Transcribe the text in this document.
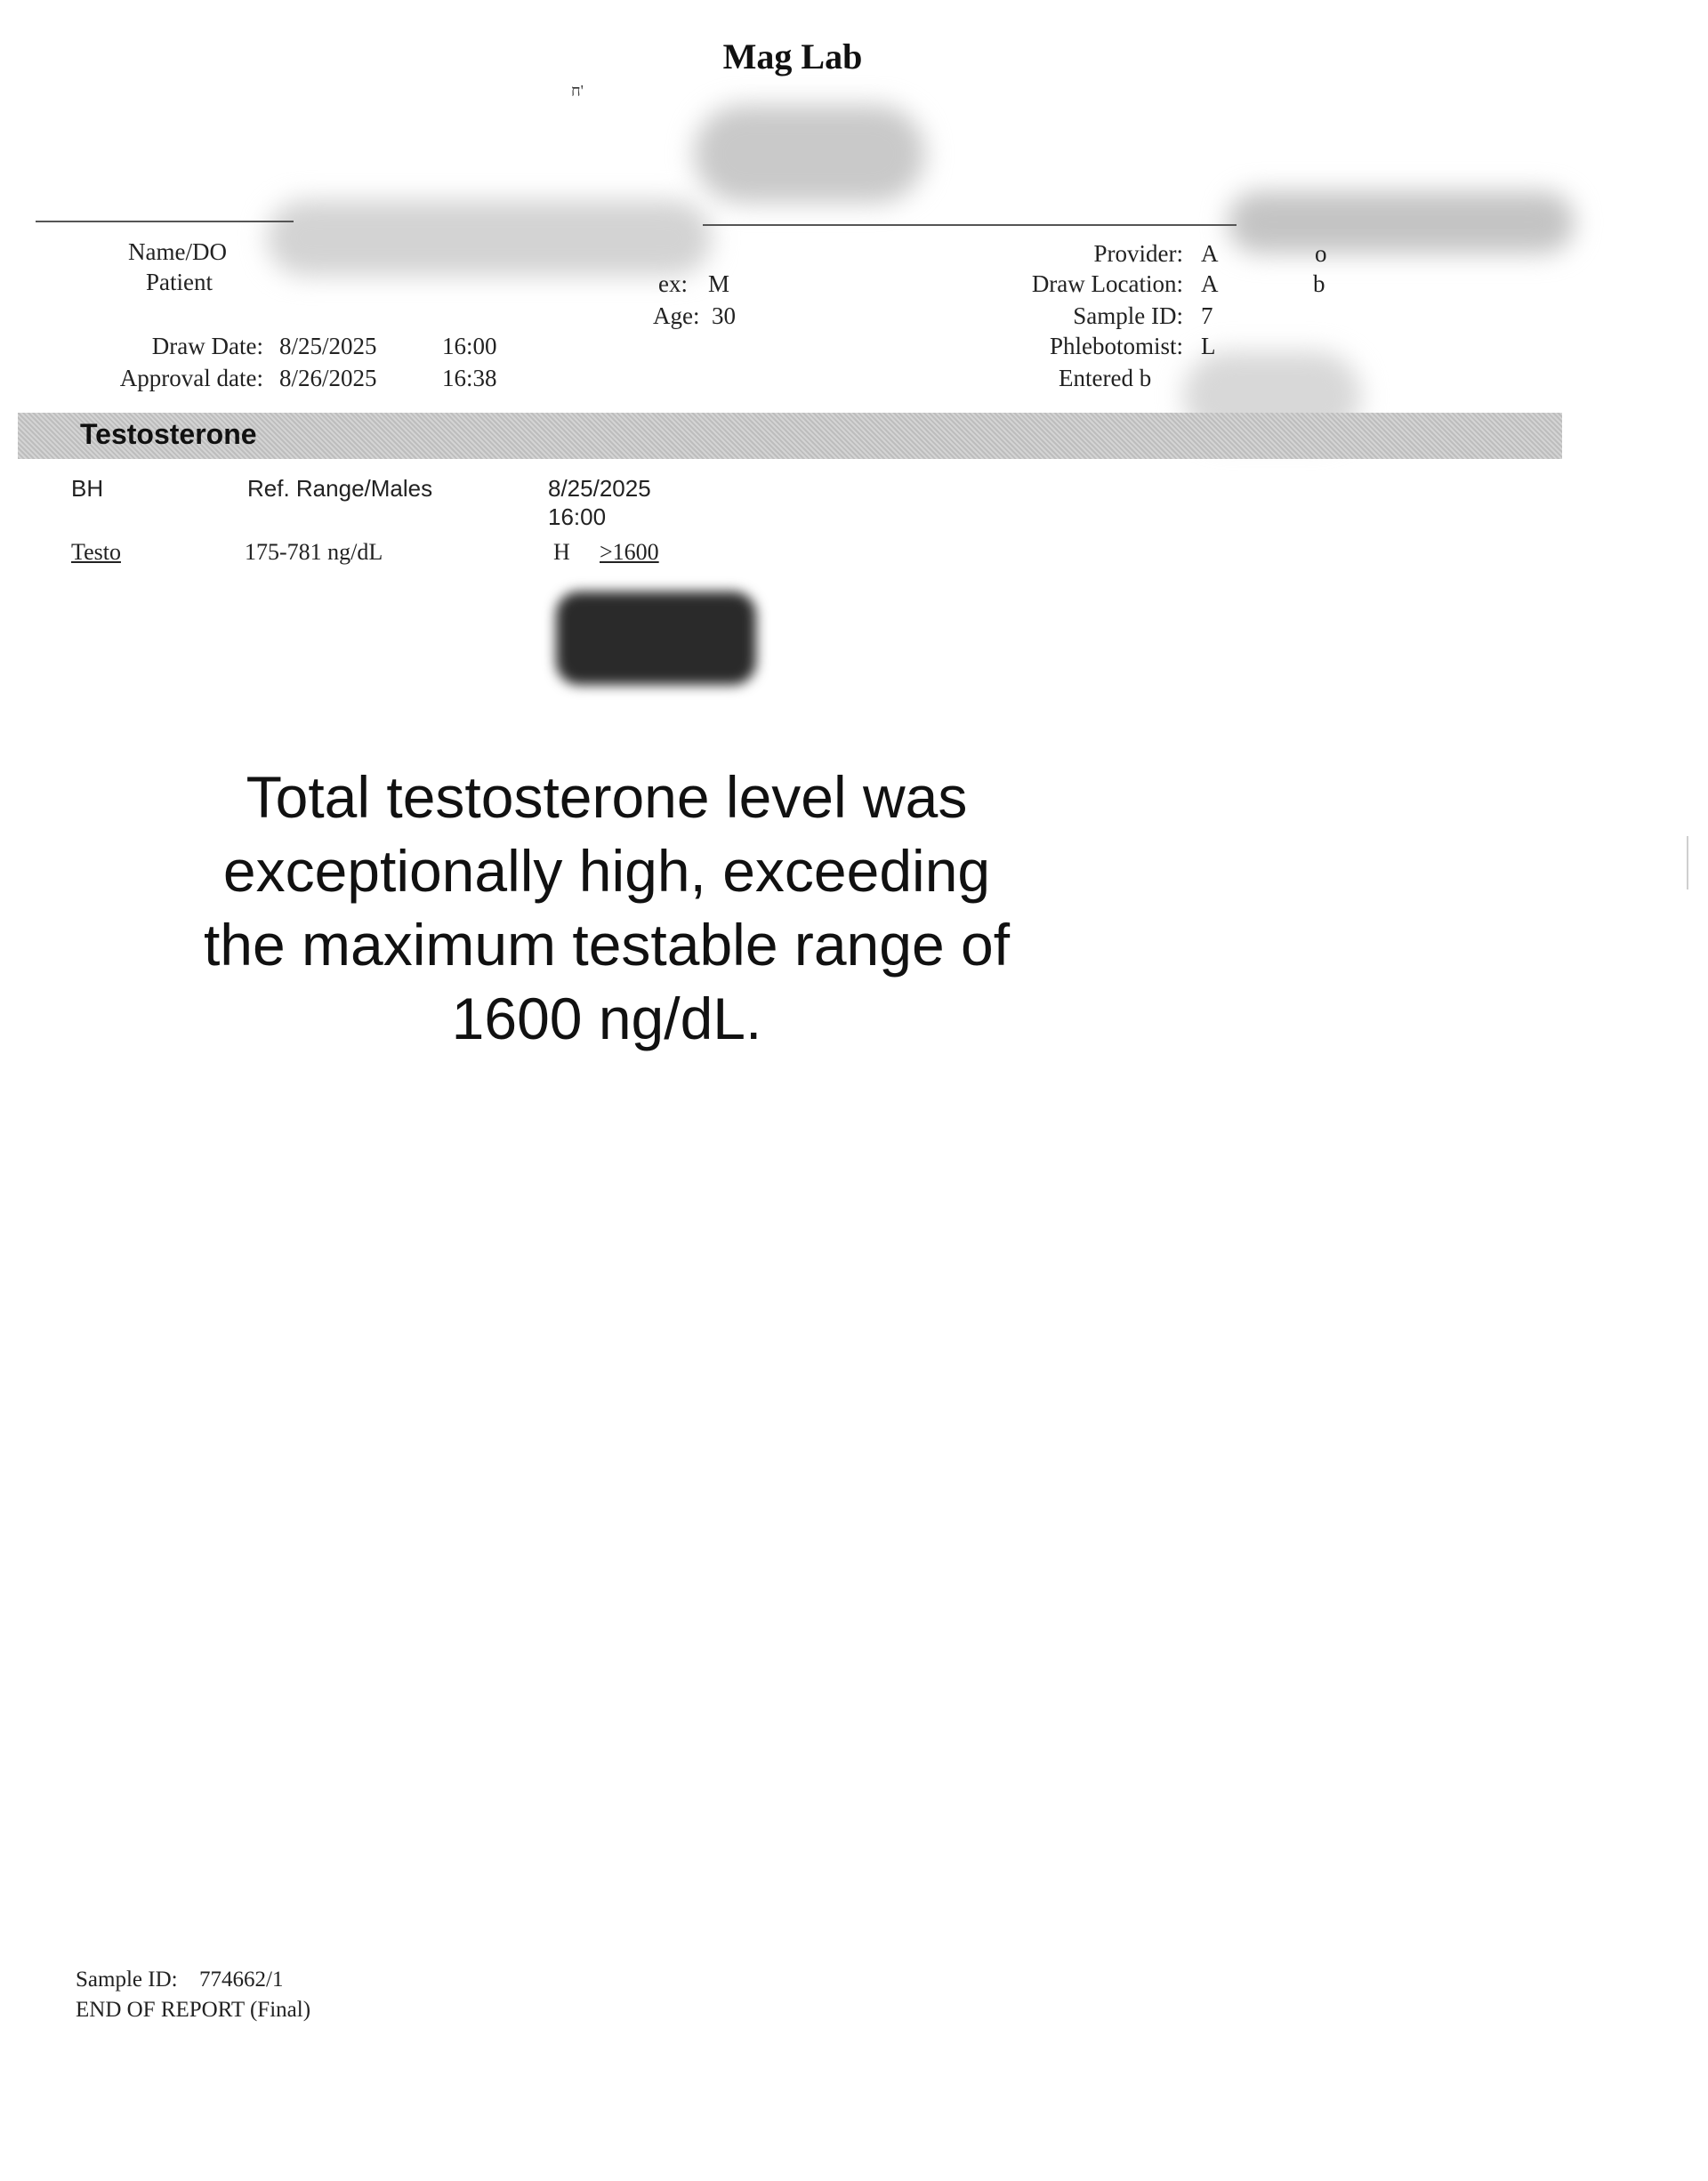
Mag Lab
ח'
Name/DO
Patient
Draw Date: 8/25/2025	16:00
Approval date: 8/26/2025	16:38
ex: M
Age: 30
Provider: A	o
Draw Location: A	b
Sample ID: 7
Phlebotomist: L
Entered b
Testosterone
BH	Ref. Range/Males	8/25/2025
16:00
Testo	175-781 ng/dL	H >1600
Total testosterone level was exceptionally high, exceeding the maximum testable range of 1600 ng/dL.
Sample ID: 774662/1
END OF REPORT (Final)
